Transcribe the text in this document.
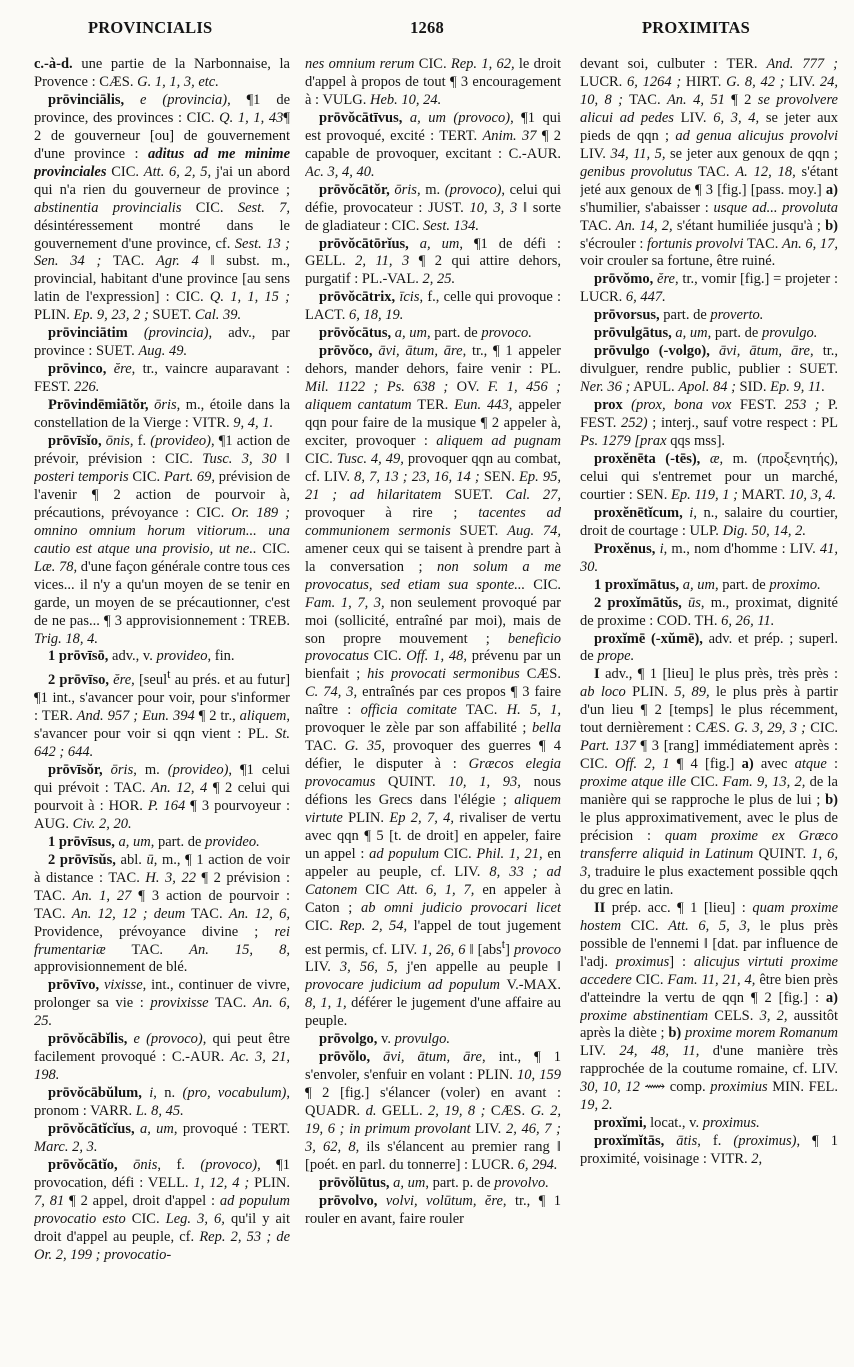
PROVINCIALIS	1268	PROXIMITAS

c.-à-d. une partie de la Narbonnaise, la Provence : CÆS. G. 1, 1, 3, etc.

prōvinciālis, e (provincia), ¶1 de province, des provinces : CIC. Q. 1, 1, 43¶ 2 de gouverneur [ou] de gouvernement d'une province : aditus ad me minime provinciales CIC. Att. 6, 2, 5, j'ai un abord qui n'a rien du gouverneur de province ; abstinentia provincialis CIC. Sest. 7, désintéressement montré dans le gouvernement d'une province, cf. Sest. 13 ; Sen. 34 ; TAC. Agr. 4 ‖ subst. m., provincial, habitant d'une province [au sens latin de l'expression] : CIC. Q. 1, 1, 15 ; PLIN. Ep. 9, 23, 2 ; SUET. Cal. 39.

prōvinciātim (provincia), adv., par province : SUET. Aug. 49.

prōvinco, ĕre, tr., vaincre auparavant : FEST. 226.

Prōvindēmiātŏr, ōris, m., étoile dans la constellation de la Vierge : VITR. 9, 4, 1.

prōvīsĭo, ōnis, f. (provideo), ¶1 action de prévoir, prévision : CIC. Tusc. 3, 30 ‖ posteri temporis CIC. Part. 69, prévision de l'avenir ¶ 2 action de pourvoir à, précautions, prévoyance : CIC. Or. 189 ; omnino omnium horum vitiorum... una cautio est atque una provisio, ut ne.. CIC. Læ. 78, d'une façon générale contre tous ces vices... il n'y a qu'un moyen de se tenir en garde, un moyen de se précautionner, c'est de ne pas... ¶ 3 approvisionnement : TREB. Trig. 18, 4.

1 prōvīsō, adv., v. provideo, fin.

2 prōvīso, ĕre, [seul$^t$ au prés. et au futur] ¶1 int., s'avancer pour voir, pour s'informer : TER. And. 957 ; Eun. 394 ¶ 2 tr., aliquem, s'avancer pour voir si qqn vient : PL. St. 642 ; 644.

prōvīsŏr, ōris, m. (provideo), ¶1 celui qui prévoit : TAC. An. 12, 4 ¶ 2 celui qui pourvoit à : HOR. P. 164 ¶ 3 pourvoyeur : AUG. Civ. 2, 20.

1 prōvīsus, a, um, part. de provideo.

2 prōvīsŭs, abl. ū, m., ¶ 1 action de voir à distance : TAC. H. 3, 22 ¶ 2 prévision : TAC. An. 1, 27 ¶ 3 action de pourvoir : TAC. An. 12, 12 ; deum TAC. An. 12, 6, Providence, prévoyance divine ; rei frumentariæ TAC. An. 15, 8, approvisionnement de blé.

prōvīvo, vixisse, int., continuer de vivre, prolonger sa vie : provixisse TAC. An. 6, 25.

prōvŏcābĭlis, e (provoco), qui peut être facilement provoqué : C.-AUR. Ac. 3, 21, 198.

prōvŏcābŭlum, i, n. (pro, vocabulum), pronom : VARR. L. 8, 45.

prōvŏcātĭcĭus, a, um, provoqué : TERT. Marc. 2, 3.

prōvŏcātĭo, ōnis, f. (provoco), ¶1 provocation, défi : VELL. 1, 12, 4 ; PLIN. 7, 81 ¶ 2 appel, droit d'appel : ad populum provocatio esto CIC. Leg. 3, 6, qu'il y ait droit d'appel au peuple, cf. Rep. 2, 53 ; de Or. 2, 199 ; provocatio-

nes omnium rerum CIC. Rep. 1, 62, le droit d'appel à propos de tout ¶ 3 encouragement à : VULG. Heb. 10, 24.

prōvŏcātīvus, a, um (provoco), ¶1 qui est provoqué, excité : TERT. Anim. 37 ¶ 2 capable de provoquer, excitant : C.-AUR. Ac. 3, 4, 40.

prōvŏcātŏr, ōris, m. (provoco), celui qui défie, provocateur : JUST. 10, 3, 3 ‖ sorte de gladiateur : CIC. Sest. 134.

prōvŏcātōrĭus, a, um, ¶1 de défi : GELL. 2, 11, 3 ¶ 2 qui attire dehors, purgatif : PL.-VAL. 2, 25.

prōvŏcātrix, īcis, f., celle qui provoque : LACT. 6, 18, 19.

prōvŏcātus, a, um, part. de provoco.

prōvŏco, āvi, ātum, āre, tr., ¶ 1 appeler dehors, mander dehors, faire venir : PL. Mil. 1122 ; Ps. 638 ; OV. F. 1, 456 ; aliquem cantatum TER. Eun. 443, appeler qqn pour faire de la musique ¶ 2 appeler à, exciter, provoquer : aliquem ad pugnam CIC. Tusc. 4, 49, provoquer qqn au combat, cf. LIV. 8, 7, 13 ; 23, 16, 14 ; SEN. Ep. 95, 21 ; ad hilaritatem SUET. Cal. 27, provoquer à rire ; tacentes ad communionem sermonis SUET. Aug. 74, amener ceux qui se taisent à prendre part à la conversation ; non solum a me provocatus, sed etiam sua sponte... CIC. Fam. 1, 7, 3, non seulement provoqué par moi (sollicité, entraîné par moi), mais de son propre mouvement ; beneficio provocatus CIC. Off. 1, 48, prévenu par un bienfait ; his provocati sermonibus CÆS. C. 74, 3, entraînés par ces propos ¶ 3 faire naître : officia comitate TAC. H. 5, 1, provoquer le zèle par son affabilité ; bella TAC. G. 35, provoquer des guerres ¶ 4 défier, le disputer à : Græcos elegia provocamus QUINT. 10, 1, 93, nous défions les Grecs dans l'élégie ; aliquem virtute PLIN. Ep 2, 7, 4, rivaliser de vertu avec qqn ¶ 5 [t. de droit] en appeler, faire un appel : ad populum CIC. Phil. 1, 21, en appeler au peuple, cf. LIV. 8, 33 ; ad Catonem CIC Att. 6, 1, 7, en appeler à Caton ; ab omni judicio provocari licet CIC. Rep. 2, 54, l'appel de tout jugement est permis, cf. LIV. 1, 26, 6 ‖ [abs$^t$] provoco LIV. 3, 56, 5, j'en appelle au peuple ‖ provocare judicium ad populum V.-MAX. 8, 1, 1, déférer le jugement d'une affaire au peuple.

prōvolgo, v. provulgo.

prōvŏlo, āvi, ātum, āre, int., ¶ 1 s'envoler, s'enfuir en volant : PLIN. 10, 159 ¶ 2 [fig.] s'élancer (voler) en avant : QUADR. d. GELL. 2, 19, 8 ; CÆS. G. 2, 19, 6 ; in primum provolant LIV. 2, 46, 7 ; 3, 62, 8, ils s'élancent au premier rang ‖ [poét. en parl. du tonnerre] : LUCR. 6, 294.

prōvŏlūtus, a, um, part. p. de provolvo.

prōvolvo, volvi, volūtum, ĕre, tr., ¶ 1 rouler en avant, faire rouler

devant soi, culbuter : TER. And. 777 ; LUCR. 6, 1264 ; HIRT. G. 8, 42 ; LIV. 24, 10, 8 ; TAC. An. 4, 51 ¶ 2 se provolvere alicui ad pedes LIV. 6, 3, 4, se jeter aux pieds de qqn ; ad genua alicujus provolvi LIV. 34, 11, 5, se jeter aux genoux de qqn ; genibus provolutus TAC. A. 12, 18, s'étant jeté aux genoux de ¶ 3 [fig.] [pass. moy.] a) s'humilier, s'abaisser : usque ad... provoluta TAC. An. 14, 2, s'étant humiliée jusqu'à ; b) s'écrouler : fortunis provolvi TAC. An. 6, 17, voir crouler sa fortune, être ruiné.

prōvŏmo, ĕre, tr., vomir [fig.] = projeter : LUCR. 6, 447.

prōvorsus, part. de proverto.

prōvulgātus, a, um, part. de provulgo.

prōvulgo (-volgo), āvi, ātum, āre, tr., divulguer, rendre public, publier : SUET. Ner. 36 ; APUL. Apol. 84 ; SID. Ep. 9, 11.

prox (prox, bona vox FEST. 253 ; P. FEST. 252) ; interj., sauf votre respect : PL Ps. 1279 [prax qqs mss].

proxĕnēta (-tēs), æ, m. (προξενητής), celui qui s'entremet pour un marché, courtier : SEN. Ep. 119, 1 ; MART. 10, 3, 4.

proxĕnētĭcum, i, n., salaire du courtier, droit de courtage : ULP. Dig. 50, 14, 2.

Proxĕnus, i, m., nom d'homme : LIV. 41, 30.

1 proxĭmātus, a, um, part. de proximo.

2 proxĭmātŭs, ūs, m., proximat, dignité de proxime : COD. TH. 6, 26, 11.

proxĭmē (-xŭmē), adv. et prép. ; superl. de prope.

I adv., ¶ 1 [lieu] le plus près, très près : ab loco PLIN. 5, 89, le plus près à partir d'un lieu ¶ 2 [temps] le plus récemment, tout dernièrement : CÆS. G. 3, 29, 3 ; CIC. Part. 137 ¶ 3 [rang] immédiatement après : CIC. Off. 2, 1 ¶ 4 [fig.] a) avec atque : proxime atque ille CIC. Fam. 9, 13, 2, de la manière qui se rapproche le plus de lui ; b) le plus approximativement, avec le plus de précision : quam proxime ex Græco transferre aliquid in Latinum QUINT. 1, 6, 3, traduire le plus exactement possible qqch du grec en latin.

II prép. acc. ¶ 1 [lieu] : quam proxime hostem CIC. Att. 6, 5, 3, le plus près possible de l'ennemi ‖ [dat. par influence de l'adj. proximus] : alicujus virtuti proxime accedere CIC. Fam. 11, 21, 4, être bien près d'atteindre la vertu de qqn ¶ 2 [fig.] : a) proxime abstinentiam CELS. 3, 2, aussitôt après la diète ; b) proxime morem Romanum LIV. 24, 48, 11, d'une manière très rapprochée de la coutume romaine, cf. LIV. 30, 10, 12 ⟿ comp. proximius MIN. FEL. 19, 2.

proxĭmi, locat., v. proximus.

proxĭmĭtās, ātis, f. (proximus), ¶ 1 proximité, voisinage : VITR. 2,
